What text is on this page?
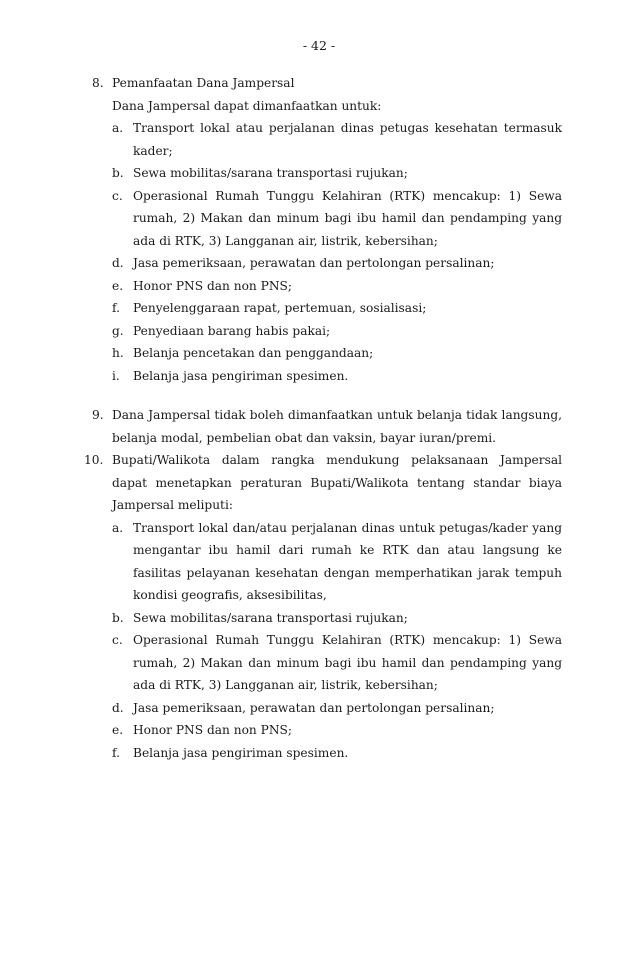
- 42 -
8. Pemanfaatan Dana Jampersal
Dana Jampersal dapat dimanfaatkan untuk:
a. Transport lokal atau perjalanan dinas petugas kesehatan termasuk kader;
b. Sewa mobilitas/sarana transportasi rujukan;
c. Operasional Rumah Tunggu Kelahiran (RTK) mencakup: 1) Sewa rumah, 2) Makan dan minum bagi ibu hamil dan pendamping yang ada di RTK, 3) Langganan air, listrik, kebersihan;
d. Jasa pemeriksaan, perawatan dan pertolongan persalinan;
e. Honor PNS dan non PNS;
f.	Penyelenggaraan rapat, pertemuan, sosialisasi;
g. Penyediaan barang habis pakai;
h. Belanja pencetakan dan penggandaan;
i.	Belanja jasa pengiriman spesimen.
9. Dana Jampersal tidak boleh dimanfaatkan untuk belanja tidak langsung, belanja modal, pembelian obat dan vaksin, bayar iuran/premi.
10. Bupati/Walikota dalam rangka mendukung pelaksanaan Jampersal dapat menetapkan peraturan Bupati/Walikota tentang standar biaya Jampersal meliputi:
a. Transport lokal dan/atau perjalanan dinas untuk petugas/kader yang mengantar ibu hamil dari rumah ke RTK dan atau langsung ke fasilitas pelayanan kesehatan dengan memperhatikan jarak tempuh kondisi geografis, aksesibilitas,
b. Sewa mobilitas/sarana transportasi rujukan;
c. Operasional Rumah Tunggu Kelahiran (RTK) mencakup: 1) Sewa rumah, 2) Makan dan minum bagi ibu hamil dan pendamping yang ada di RTK, 3) Langganan air, listrik, kebersihan;
d. Jasa pemeriksaan, perawatan dan pertolongan persalinan;
e. Honor PNS dan non PNS;
f.	Belanja jasa pengiriman spesimen.
